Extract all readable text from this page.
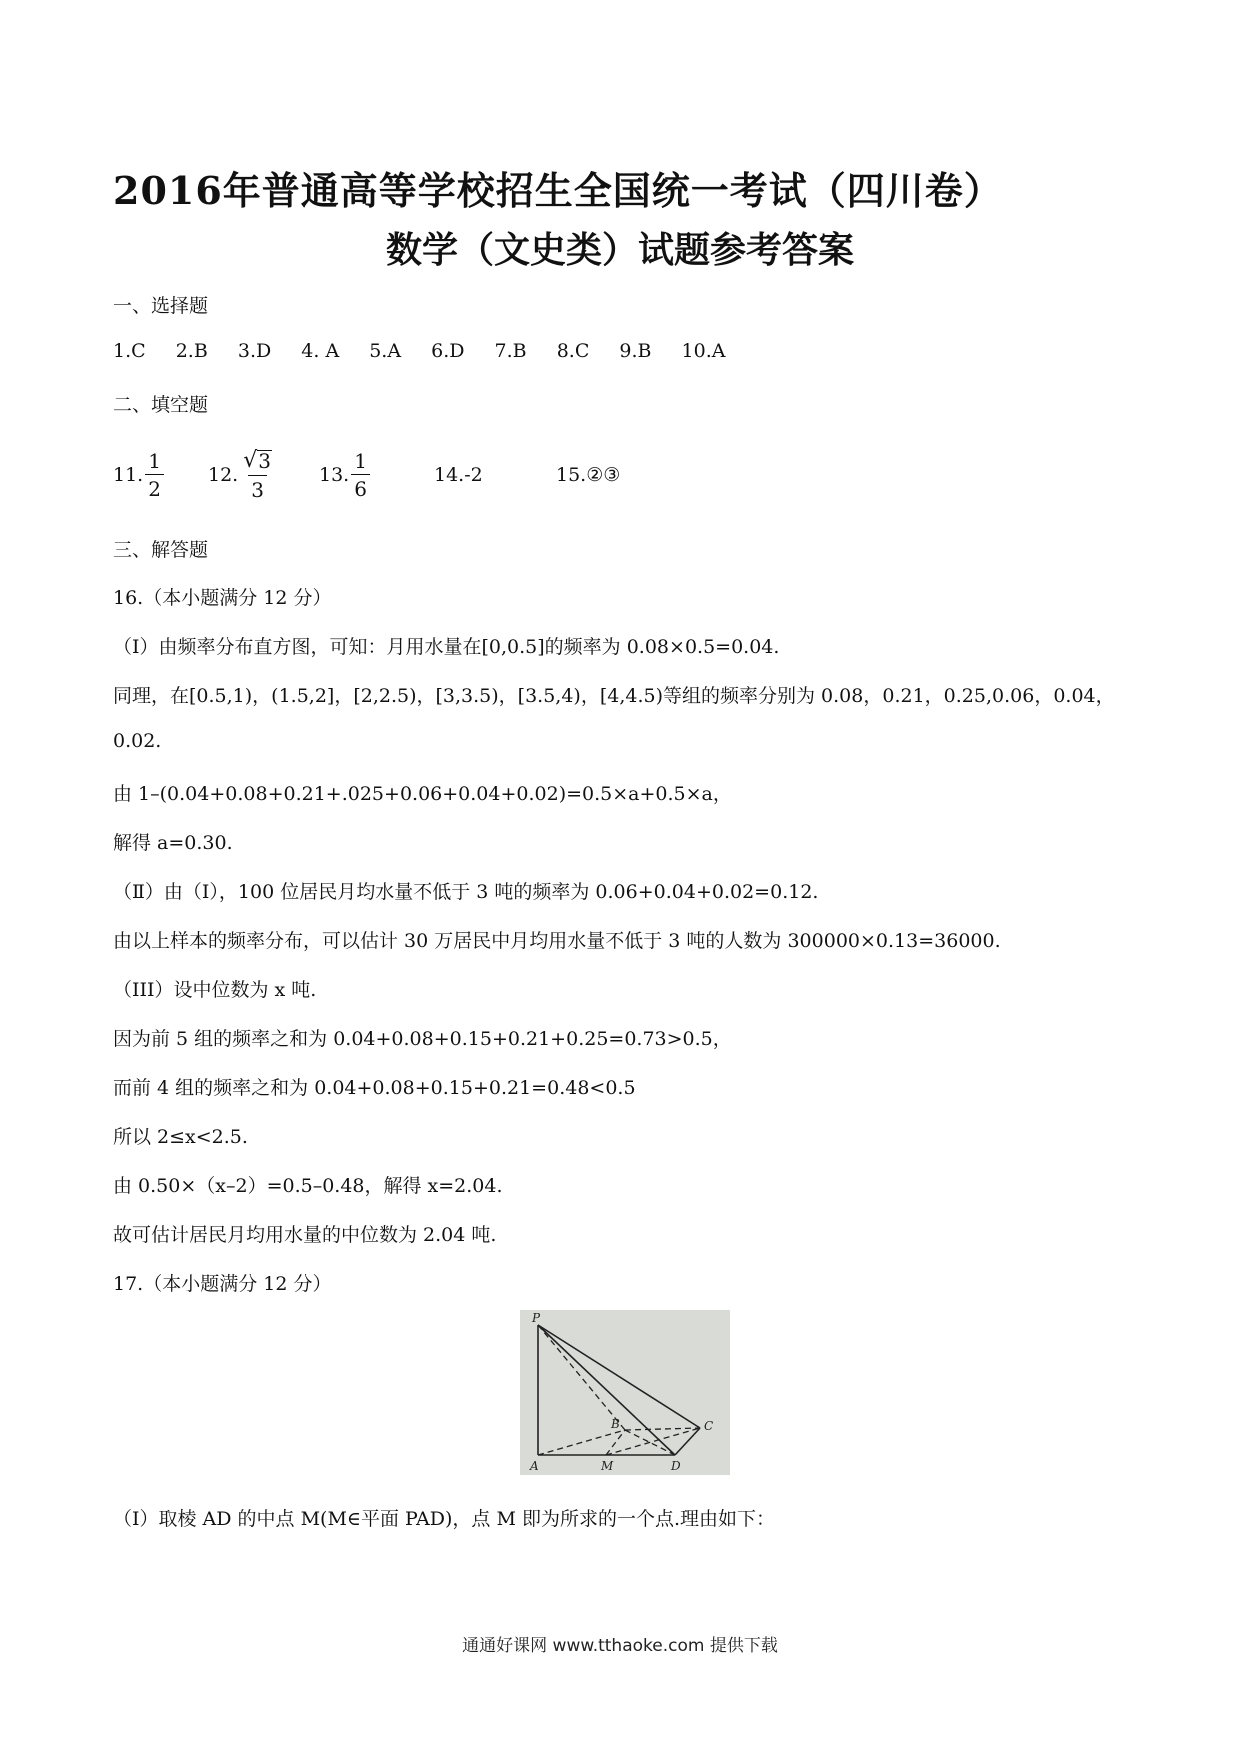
2016年普通高等学校招生全国统一考试（四川卷）
数学（文史类）试题参考答案
一、选择题
1.C 2.B 3.D 4. A 5.A 6.D 7.B 8.C 9.B 10.A
二、填空题
11. $\frac{1}{2} 12$. $\frac{√ 3}{3} 13$. $\frac{1}{6}$	14.-2	15.②③
三、解答题
16.（本小题满分 12 分）
（Ⅰ）由频率分布直方图，可知：月用水量在[0,0.5]的频率为 0.08×0.5=0.04.
同理，在[0.5,1)，(1.5,2]，[2,2.5)，[3,3.5)，[3.5,4)，[4,4.5)等组的频率分别为 0.08，0.21，0.25,0.06，0.04，
0.02.
由 1–(0.04+0.08+0.21+.025+0.06+0.04+0.02)=0.5×a+0.5×a，
解得 a=0.30.
（Ⅱ）由（Ⅰ），100 位居民月均水量不低于 3 吨的频率为 0.06+0.04+0.02=0.12.
由以上样本的频率分布，可以估计 30 万居民中月均用水量不低于 3 吨的人数为 300000×0.13=36000.
（III）设中位数为 x 吨.
因为前 5 组的频率之和为 0.04+0.08+0.15+0.21+0.25=0.73>0.5，
而前 4 组的频率之和为 0.04+0.08+0.15+0.21=0.48<0.5
所以 2≤x<2.5.
由 0.50×（x–2）=0.5–0.48，解得 x=2.04.
故可估计居民月均用水量的中位数为 2.04 吨.
17.（本小题满分 12 分）
P
B	C
A	M	D
（I）取棱 AD 的中点 M(M∈平面 PAD)，点 M 即为所求的一个点.理由如下：
通通好课网 www.tthaoke.com 提供下载
